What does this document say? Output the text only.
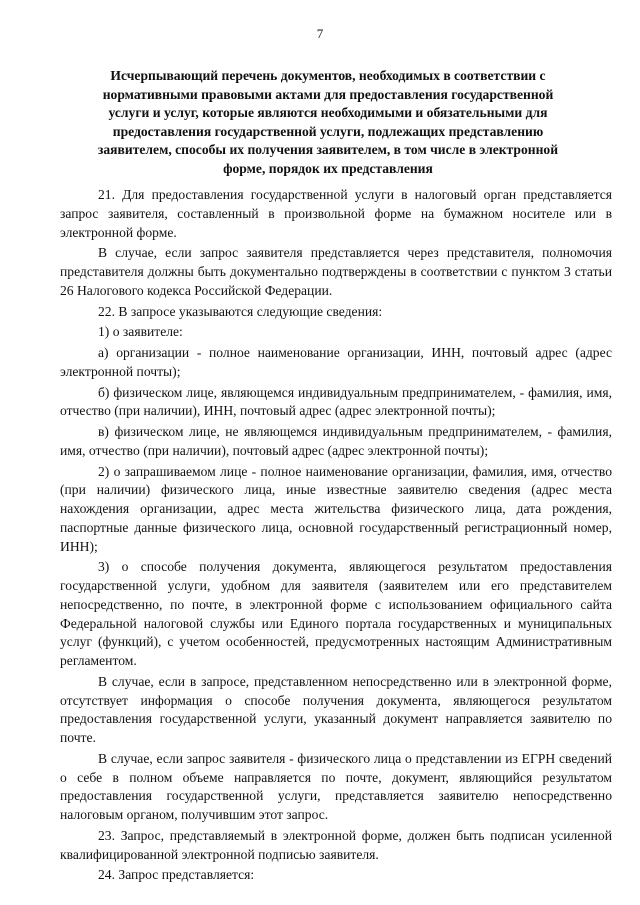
7
Исчерпывающий перечень документов, необходимых в соответствии с
нормативными правовыми актами для предоставления государственной
услуги и услуг, которые являются необходимыми и обязательными для
предоставления государственной услуги, подлежащих представлению
заявителем, способы их получения заявителем, в том числе в электронной
форме, порядок их представления

21. Для предоставления государственной услуги в налоговый орган представляется запрос заявителя, составленный в произвольной форме на бумажном носителе или в электронной форме.

В случае, если запрос заявителя представляется через представителя, полномочия представителя должны быть документально подтверждены в соответствии с пунктом 3 статьи 26 Налогового кодекса Российской Федерации.

22. В запросе указываются следующие сведения:

1) о заявителе:

а) организации - полное наименование организации, ИНН, почтовый адрес (адрес электронной почты);

б) физическом лице, являющемся индивидуальным предпринимателем, - фамилия, имя, отчество (при наличии), ИНН, почтовый адрес (адрес электронной почты);

в) физическом лице, не являющемся индивидуальным предпринимателем, - фамилия, имя, отчество (при наличии), почтовый адрес (адрес электронной почты);

2) о запрашиваемом лице - полное наименование организации, фамилия, имя, отчество (при наличии) физического лица, иные известные заявителю сведения (адрес места нахождения организации, адрес места жительства физического лица, дата рождения, паспортные данные физического лица, основной государственный регистрационный номер, ИНН);

3) о способе получения документа, являющегося результатом предоставления государственной услуги, удобном для заявителя (заявителем или его представителем непосредственно, по почте, в электронной форме с использованием официального сайта Федеральной налоговой службы или Единого портала государственных и муниципальных услуг (функций), с учетом особенностей, предусмотренных настоящим Административным регламентом.

В случае, если в запросе, представленном непосредственно или в электронной форме, отсутствует информация о способе получения документа, являющегося результатом предоставления государственной услуги, указанный документ направляется заявителю по почте.

В случае, если запрос заявителя - физического лица о представлении из ЕГРН сведений о себе в полном объеме направляется по почте, документ, являющийся результатом предоставления государственной услуги, представляется заявителю непосредственно налоговым органом, получившим этот запрос.

23. Запрос, представляемый в электронной форме, должен быть подписан усиленной квалифицированной электронной подписью заявителя.

24. Запрос представляется:
